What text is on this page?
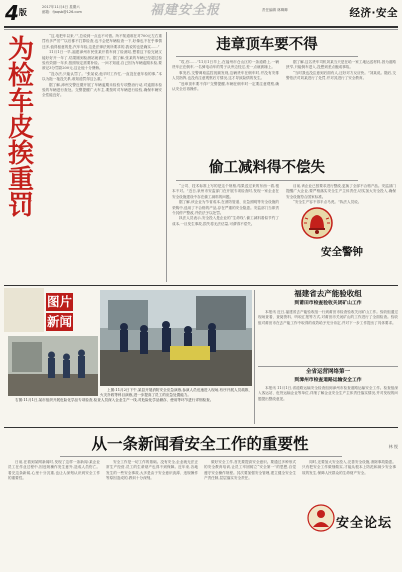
$4^版$
2017年11月4日 星期六
邮箱：fjaqsb@126.com	福建安全报	责任编辑 林卿卿	经济·安全
为
检
车
皮
挨
重
罚

“这,电把车以来,””,总说到一点也不可惜。所不知道谁在对700元左右重罚有多严厉”“以后都不打算检查,也不会把车辆检查一下,好像也不在乎事情还多,值得留意的是,汽车年检,这是法律法规所要求的,我说的也是确实......”

11月1日一早,福建漳州市民张某开着车到了检测站,想着这下检完就又能好好开一年了,结果刚到检测站就被拦下。据了解,张某的车辆已经超过检验有效期一年多,按照规定需要补检。一问才知道,自己因为车辆逾期未检,要被记3分罚款200元,这让他十分懊悔。

“没办法,只能认罚了。”张某说,他平时工作忙,一直没在意年检的事,“本以为拖一拖没关系,谁知道罚得这么重。”

据了解,漳州交警近期开展了车辆逾期未检验专项整治行动,对逾期未检验的车辆进行查处。交警提醒广大车主,要按时对车辆进行检验,确保车辆安全性能良好。

违章顶车要不得

“哎,你……”11月1日早上,在福州市仓山区的一条道路上,一辆货车正在倒车,一名骑电动车的男子从旁边经过,差一点就被撞上。

事发后,交警调取监控视频发现,这辆货车在倒车时,并没有安排人员指挥,也没有注意观察后方情况,这才导致险情的发生。

“违章顶车要不得!”交警提醒,车辆在倒车时一定要注意观察,确认安全后再操作。

据了解,这名货车司机刘某当天是在给一家工地运送材料,因为道路狭窄,只能倒车进入,没想到差点酿成事故。

“当时我也没注意到后面有人,还好对方反应快。”刘某说。随后,交警依法对刘某进行了处罚,并对其进行了安全教育。

偷工减料得不偿失

“公司、技术标准上写的是这个规格,结果送过来的东西一看,根本不对。”近日,泉州市安监部门在开展专项检查时,发现一家企业在安全设施建设中存在偷工减料的问题。

据了解,该企业为节省成本,在消防管道、应急照明等安全设施的采购中,选用了不合格的产品,存在严重的安全隐患。安监部门当即责令其停产整改,并依法予以处罚。

执法人员表示,安全投入是企业的“生命线”,偷工减料看似节约了成本,一旦发生事故,损失将无法估量,可谓得不偿失。

目前,该企业已按要求进行整改,更换了全部不合格产品。安监部门提醒广大企业,要严格落实安全生产主体责任,切实加大安全投入,确保安全设施符合国家标准。

“安全生产容不得半点马虎。”执法人员说。

安全警钟
图片
新闻

上图:11月2日下午,某县开展消防安全应急演练,参演人员迅速进入现场,有序开展人员疏散、火灾扑救等科目演练,进一步提高了员工的应急处置能力。

右图:11月1日,某市组织开展危险化学品专项检查,检查人员深入企业生产一线,对危险化学品储存、使用等环节进行详细检查。

福建省去产能验收组
到莆田市检查验收关闭矿山工作

本报讯 近日,福建省去产能验收组一行到莆田市检查验收关闭矿山工作。验收组通过现场查看、查阅资料、听取汇报等方式,对莆田市关闭矿山的工作进行了全面检查。验收组对莆田市在去产能工作中取得的成效给予充分肯定,并对下一步工作提出了具体要求。

全省运营网络第一
到漳州市检查道路运输安全工作

本报讯 11月1日,省道路运输安全检查组到漳州市检查道路运输安全工作。检查组深入客运站、危货运输企业等单位,详细了解企业安全生产主体责任落实情况,并对发现的问题提出整改意见。

从一条新闻看安全工作的重要性

日前,在看到某网新闻时,发现了这样一条新闻:某企业员工在作业过程中,因违规操作发生意外,造成人员伤亡。看完这条新闻,心里十分沉重,也让人深刻认识到安全工作的重要性。

安全工作是一切工作的基础。没有安全,企业就无法正常生产经营,员工的生命财产也得不到保障。近年来,各地发生的一些安全事故,大多是由于安全意识淡薄、违规操作等原因造成的,教训十分深刻。

做好安全工作,首先要提高安全意识。要通过多种形式的安全教育培训,让员工牢固树立“安全第一”的思想,自觉遵守安全操作规程。其次要加强安全管理,建立健全安全生产责任制,层层落实安全责任。

同时,还要加大安全投入,完善安全设施,消除事故隐患。只有把安全工作做细做实,才能从根本上防范和减少安全事故的发生,保障人民群众的生命财产安全。

林 悦
安全论坛
